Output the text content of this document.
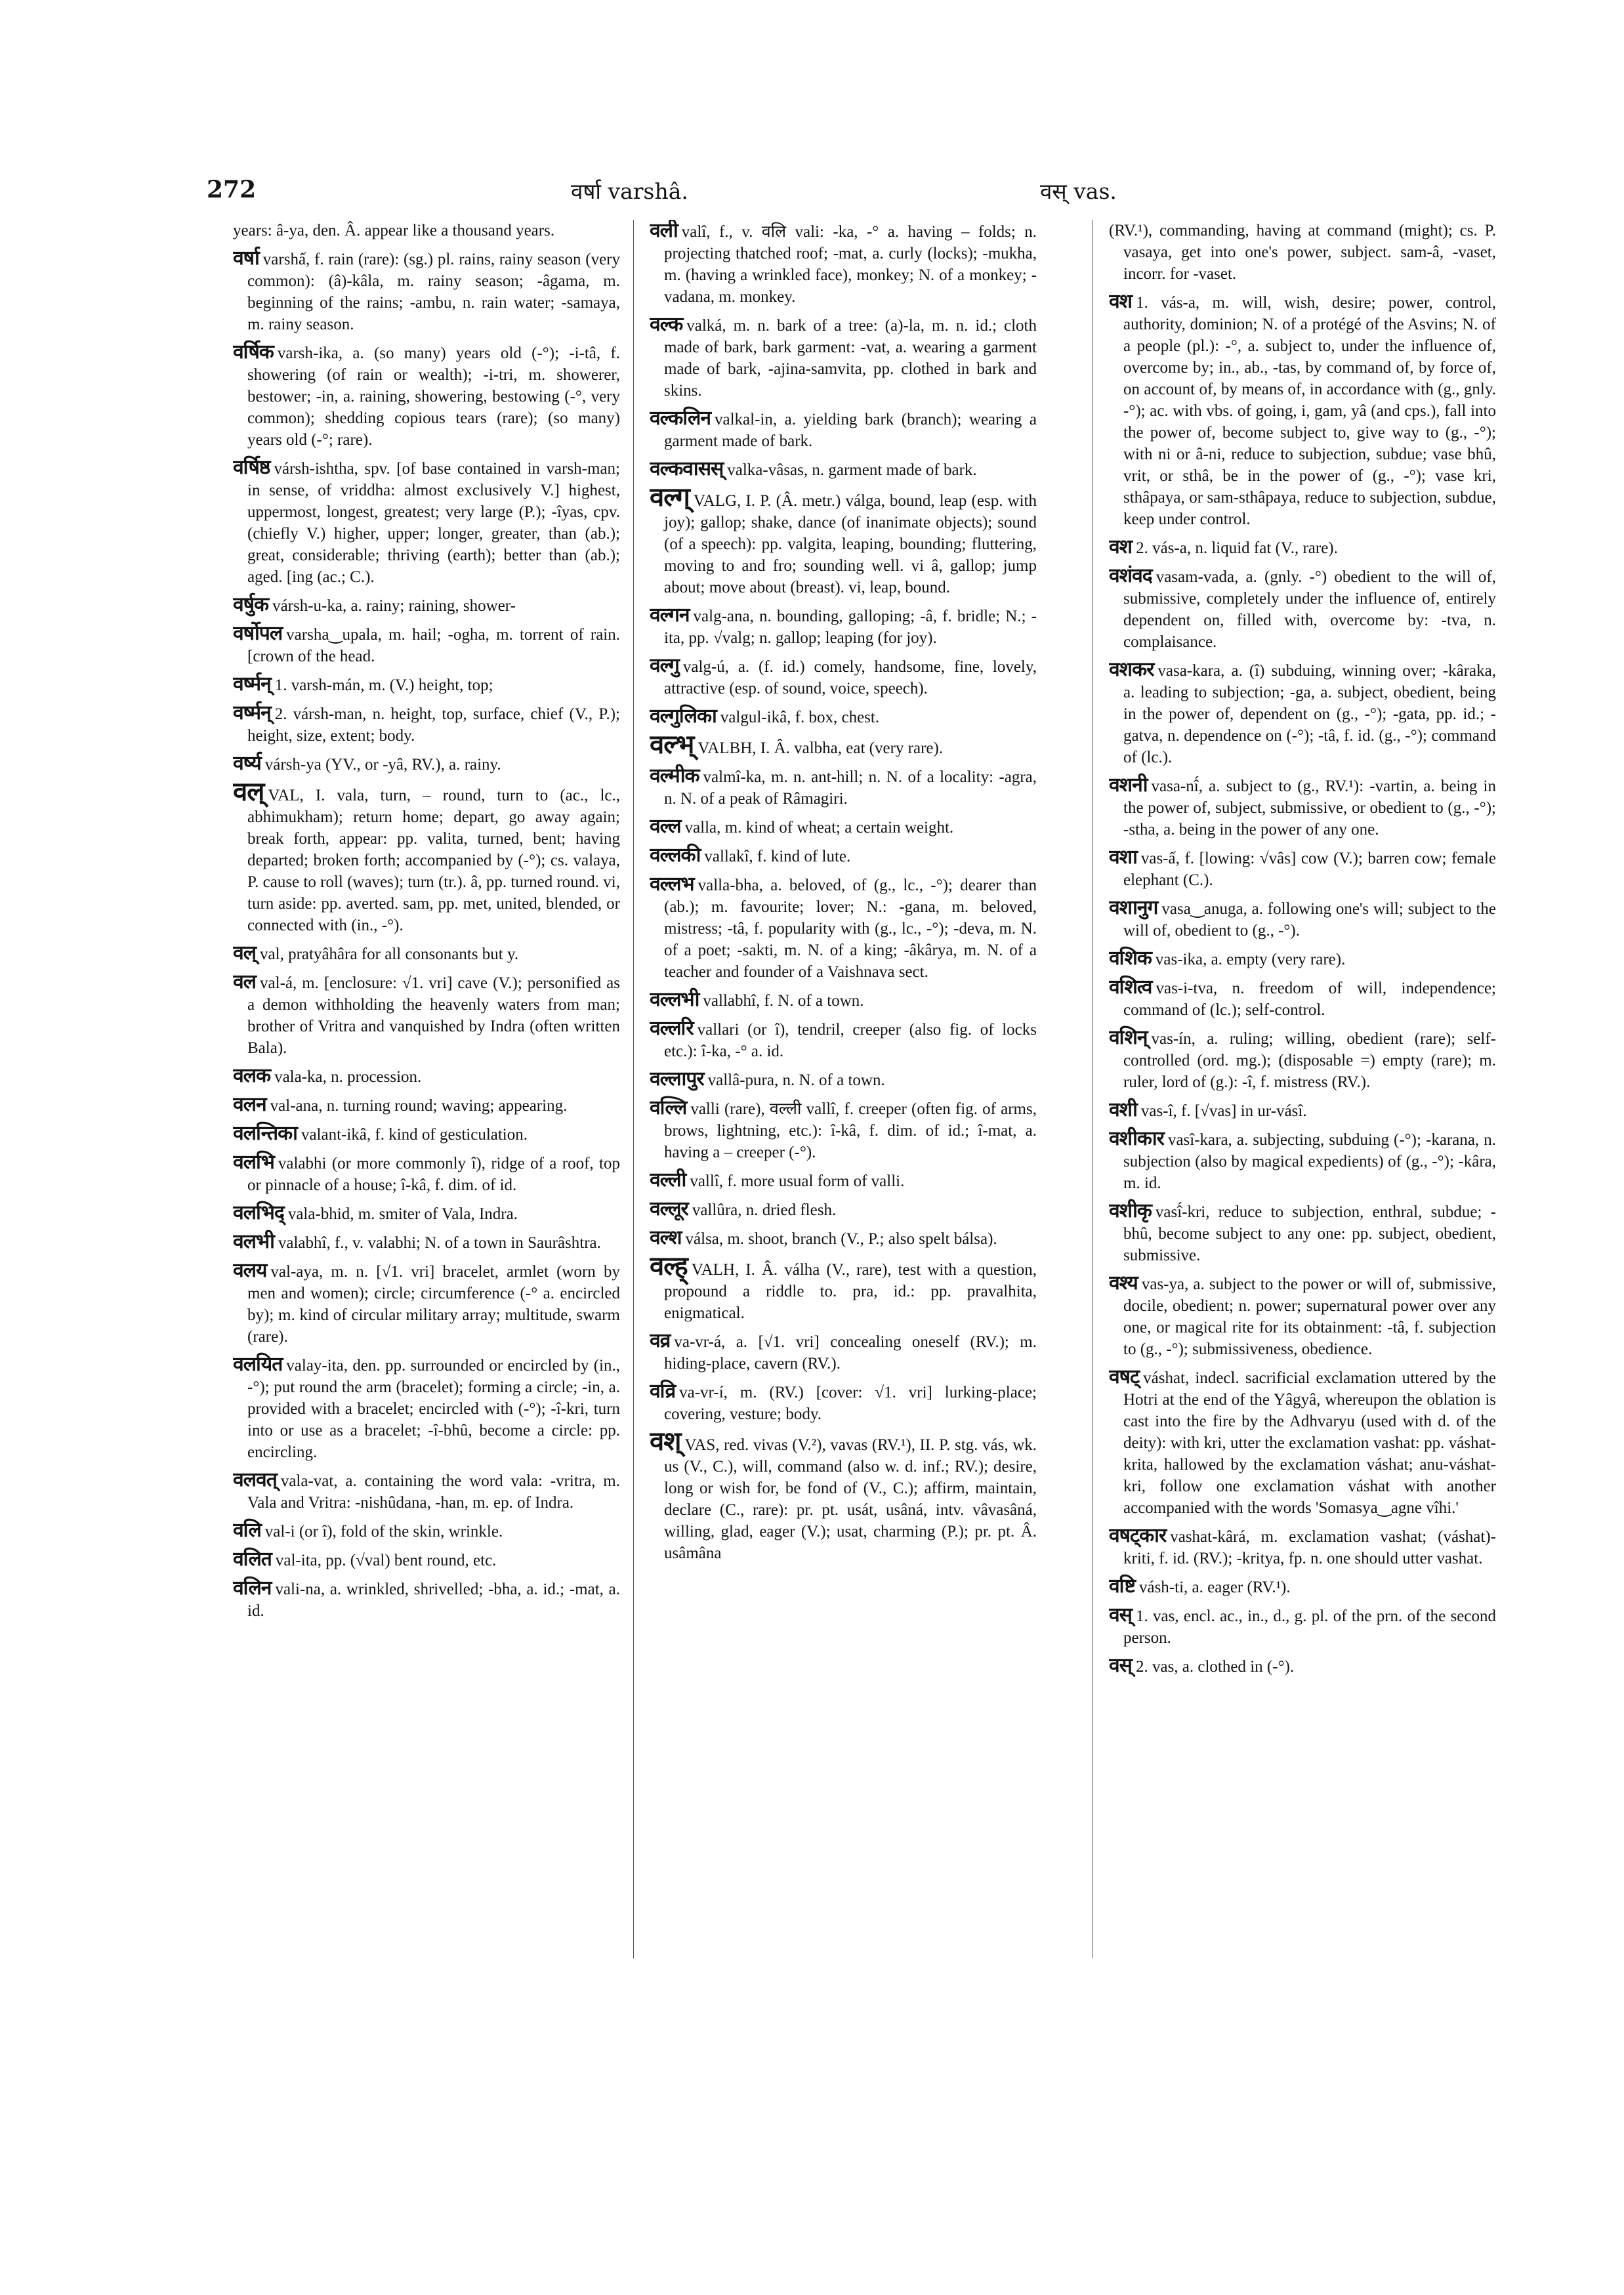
272	वर्षा varshâ.	वस् vas.

years: â-ya, den. Â. appear like a thousand years.

वर्षा varshấ, f. rain (rare): (sg.) pl. rains, rainy season (very common): (â)-kâla, m. rainy season; -âgama, m. beginning of the rains; -ambu, n. rain water; -samaya, m. rainy season.

वर्षिक varsh-ika, a. (so many) years old (-°); -i-tâ, f. showering (of rain or wealth); -i-tri, m. showerer, bestower; -in, a. raining, showering, bestowing (-°, very common); shedding copious tears (rare); (so many) years old (-°; rare).

वर्षिष्ठ vársh-ishtha, spv. [of base contained in varsh-man; in sense, of vriddha: almost exclusively V.] highest, uppermost, longest, greatest; very large (P.); -îyas, cpv. (chiefly V.) higher, upper; longer, greater, than (ab.); great, considerable; thriving (earth); better than (ab.); aged. [ing (ac.; C.).

वर्षुक vársh-u-ka, a. rainy; raining, shower-

वर्षोपल varsha‿upala, m. hail; -ogha, m. torrent of rain. [crown of the head.

वर्ष्मन् 1. varsh-mán, m. (V.) height, top;

वर्ष्मन् 2. vársh-man, n. height, top, surface, chief (V., P.); height, size, extent; body.

वर्ष्य vársh-ya (YV., or -yâ, RV.), a. rainy.

वल् VAL, I. vala, turn, – round, turn to (ac., lc., abhimukham); return home; depart, go away again; break forth, appear: pp. valita, turned, bent; having departed; broken forth; accompanied by (-°); cs. valaya, P. cause to roll (waves); turn (tr.). â, pp. turned round. vi, turn aside: pp. averted. sam, pp. met, united, blended, or connected with (in., -°).

वल् val, pratyâhâra for all consonants but y.

वल val-á, m. [enclosure: √1. vri] cave (V.); personified as a demon withholding the heavenly waters from man; brother of Vritra and vanquished by Indra (often written Bala).

वलक vala-ka, n. procession.

वलन val-ana, n. turning round; waving; appearing.

वलन्तिका valant-ikâ, f. kind of gesticulation.

वलभि valabhi (or more commonly î), ridge of a roof, top or pinnacle of a house; î-kâ, f. dim. of id.

वलभिद् vala-bhid, m. smiter of Vala, Indra.

वलभी valabhî, f., v. valabhi; N. of a town in Saurâshtra.

वलय val-aya, m. n. [√1. vri] bracelet, armlet (worn by men and women); circle; circumference (-° a. encircled by); m. kind of circular military array; multitude, swarm (rare).

वलयित valay-ita, den. pp. surrounded or encircled by (in., -°); put round the arm (bracelet); forming a circle; -in, a. provided with a bracelet; encircled with (-°); -î-kri, turn into or use as a bracelet; -î-bhû, become a circle: pp. encircling.

वलवत् vala-vat, a. containing the word vala: -vritra, m. Vala and Vritra: -nishûdana, -han, m. ep. of Indra.

वलि val-i (or î), fold of the skin, wrinkle.

वलित val-ita, pp. (√val) bent round, etc.

वलिन vali-na, a. wrinkled, shrivelled; -bha, a. id.; -mat, a. id.

वली valî, f., v. वलि vali: -ka, -° a. having – folds; n. projecting thatched roof; -mat, a. curly (locks); -mukha, m. (having a wrinkled face), monkey; N. of a monkey; -vadana, m. monkey.

वल्क valká, m. n. bark of a tree: (a)-la, m. n. id.; cloth made of bark, bark garment: -vat, a. wearing a garment made of bark, -ajina-samvita, pp. clothed in bark and skins.

वल्कलिन valkal-in, a. yielding bark (branch); wearing a garment made of bark.

वल्कवासस् valka-vâsas, n. garment made of bark.

वल्ग् VALG, I. P. (Â. metr.) válga, bound, leap (esp. with joy); gallop; shake, dance (of inanimate objects); sound (of a speech): pp. valgita, leaping, bounding; fluttering, moving to and fro; sounding well. vi â, gallop; jump about; move about (breast). vi, leap, bound.

वल्गन valg-ana, n. bounding, galloping; -â, f. bridle; N.; -ita, pp. √valg; n. gallop; leaping (for joy).

वल्गु valg-ú, a. (f. id.) comely, handsome, fine, lovely, attractive (esp. of sound, voice, speech).

वल्गुलिका valgul-ikâ, f. box, chest.

वल्भ् VALBH, I. Â. valbha, eat (very rare).

वल्मीक valmî-ka, m. n. ant-hill; n. N. of a locality: -agra, n. N. of a peak of Râmagiri.

वल्ल valla, m. kind of wheat; a certain weight.

वल्लकी vallakî, f. kind of lute.

वल्लभ valla-bha, a. beloved, of (g., lc., -°); dearer than (ab.); m. favourite; lover; N.: -gana, m. beloved, mistress; -tâ, f. popularity with (g., lc., -°); -deva, m. N. of a poet; -sakti, m. N. of a king; -âkârya, m. N. of a teacher and founder of a Vaishnava sect.

वल्लभी vallabhî, f. N. of a town.

वल्लरि vallari (or î), tendril, creeper (also fig. of locks etc.): î-ka, -° a. id.

वल्लापुर vallâ-pura, n. N. of a town.

वल्लि valli (rare), वल्ली vallî, f. creeper (often fig. of arms, brows, lightning, etc.): î-kâ, f. dim. of id.; î-mat, a. having a – creeper (-°).

वल्ली vallî, f. more usual form of valli.

वल्लूर vallûra, n. dried flesh.

वल्श válsa, m. shoot, branch (V., P.; also spelt bálsa).

वल्ह् VALH, I. Â. válha (V., rare), test with a question, propound a riddle to. pra, id.: pp. pravalhita, enigmatical.

वव्र va-vr-á, a. [√1. vri] concealing oneself (RV.); m. hiding-place, cavern (RV.).

वव्रि va-vr-í, m. (RV.) [cover: √1. vri] lurking-place; covering, vesture; body.

वश् VAS, red. vivas (V.²), vavas (RV.¹), II. P. stg. vás, wk. us (V., C.), will, command (also w. d. inf.; RV.); desire, long or wish for, be fond of (V., C.); affirm, maintain, declare (C., rare): pr. pt. usát, usâná, intv. vâvasâná, willing, glad, eager (V.); usat, charming (P.); pr. pt. Â. usâmâna

(RV.¹), commanding, having at command (might); cs. P. vasaya, get into one's power, subject. sam-â, -vaset, incorr. for -vaset.

वश 1. vás-a, m. will, wish, desire; power, control, authority, dominion; N. of a protégé of the Asvins; N. of a people (pl.): -°, a. subject to, under the influence of, overcome by; in., ab., -tas, by command of, by force of, on account of, by means of, in accordance with (g., gnly. -°); ac. with vbs. of going, i, gam, yâ (and cps.), fall into the power of, become subject to, give way to (g., -°); with ni or â-ni, reduce to subjection, subdue; vase bhû, vrit, or sthâ, be in the power of (g., -°); vase kri, sthâpaya, or sam-sthâpaya, reduce to subjection, subdue, keep under control.

वश 2. vás-a, n. liquid fat (V., rare).

वशंवद vasam-vada, a. (gnly. -°) obedient to the will of, submissive, completely under the influence of, entirely dependent on, filled with, overcome by: -tva, n. complaisance.

वशकर vasa-kara, a. (î) subduing, winning over; -kâraka, a. leading to subjection; -ga, a. subject, obedient, being in the power of, dependent on (g., -°); -gata, pp. id.; -gatva, n. dependence on (-°); -tâ, f. id. (g., -°); command of (lc.).

वशनी vasa-nî́, a. subject to (g., RV.¹): -vartin, a. being in the power of, subject, submissive, or obedient to (g., -°); -stha, a. being in the power of any one.

वशा vas-ấ, f. [lowing: √vâs] cow (V.); barren cow; female elephant (C.).

वशानुग vasa‿anuga, a. following one's will; subject to the will of, obedient to (g., -°).

वशिक vas-ika, a. empty (very rare).

वशित्व vas-i-tva, n. freedom of will, independence; command of (lc.); self-control.

वशिन् vas-ín, a. ruling; willing, obedient (rare); self-controlled (ord. mg.); (disposable =) empty (rare); m. ruler, lord of (g.): -î, f. mistress (RV.).

वशी vas-î, f. [√vas] in ur-vásî.

वशीकार vasî-kara, a. subjecting, subduing (-°); -karana, n. subjection (also by magical expedients) of (g., -°); -kâra, m. id.

वशीकृ vasî́-kri, reduce to subjection, enthral, subdue; -bhû, become subject to any one: pp. subject, obedient, submissive.

वश्य vas-ya, a. subject to the power or will of, submissive, docile, obedient; n. power; supernatural power over any one, or magical rite for its obtainment: -tâ, f. subjection to (g., -°); submissiveness, obedience.

वषट् váshat, indecl. sacrificial exclamation uttered by the Hotri at the end of the Yâgyâ, whereupon the oblation is cast into the fire by the Adhvaryu (used with d. of the deity): with kri, utter the exclamation vashat: pp. váshat-krita, hallowed by the exclamation váshat; anu-váshat-kri, follow one exclamation váshat with another accompanied with the words 'Somasya‿agne vîhi.'

वषट्कार vashat-kârá, m. exclamation vashat; (váshat)-kriti, f. id. (RV.); -kritya, fp. n. one should utter vashat.

वष्टि vásh-ti, a. eager (RV.¹).

वस् 1. vas, encl. ac., in., d., g. pl. of the prn. of the second person.

वस् 2. vas, a. clothed in (-°).
